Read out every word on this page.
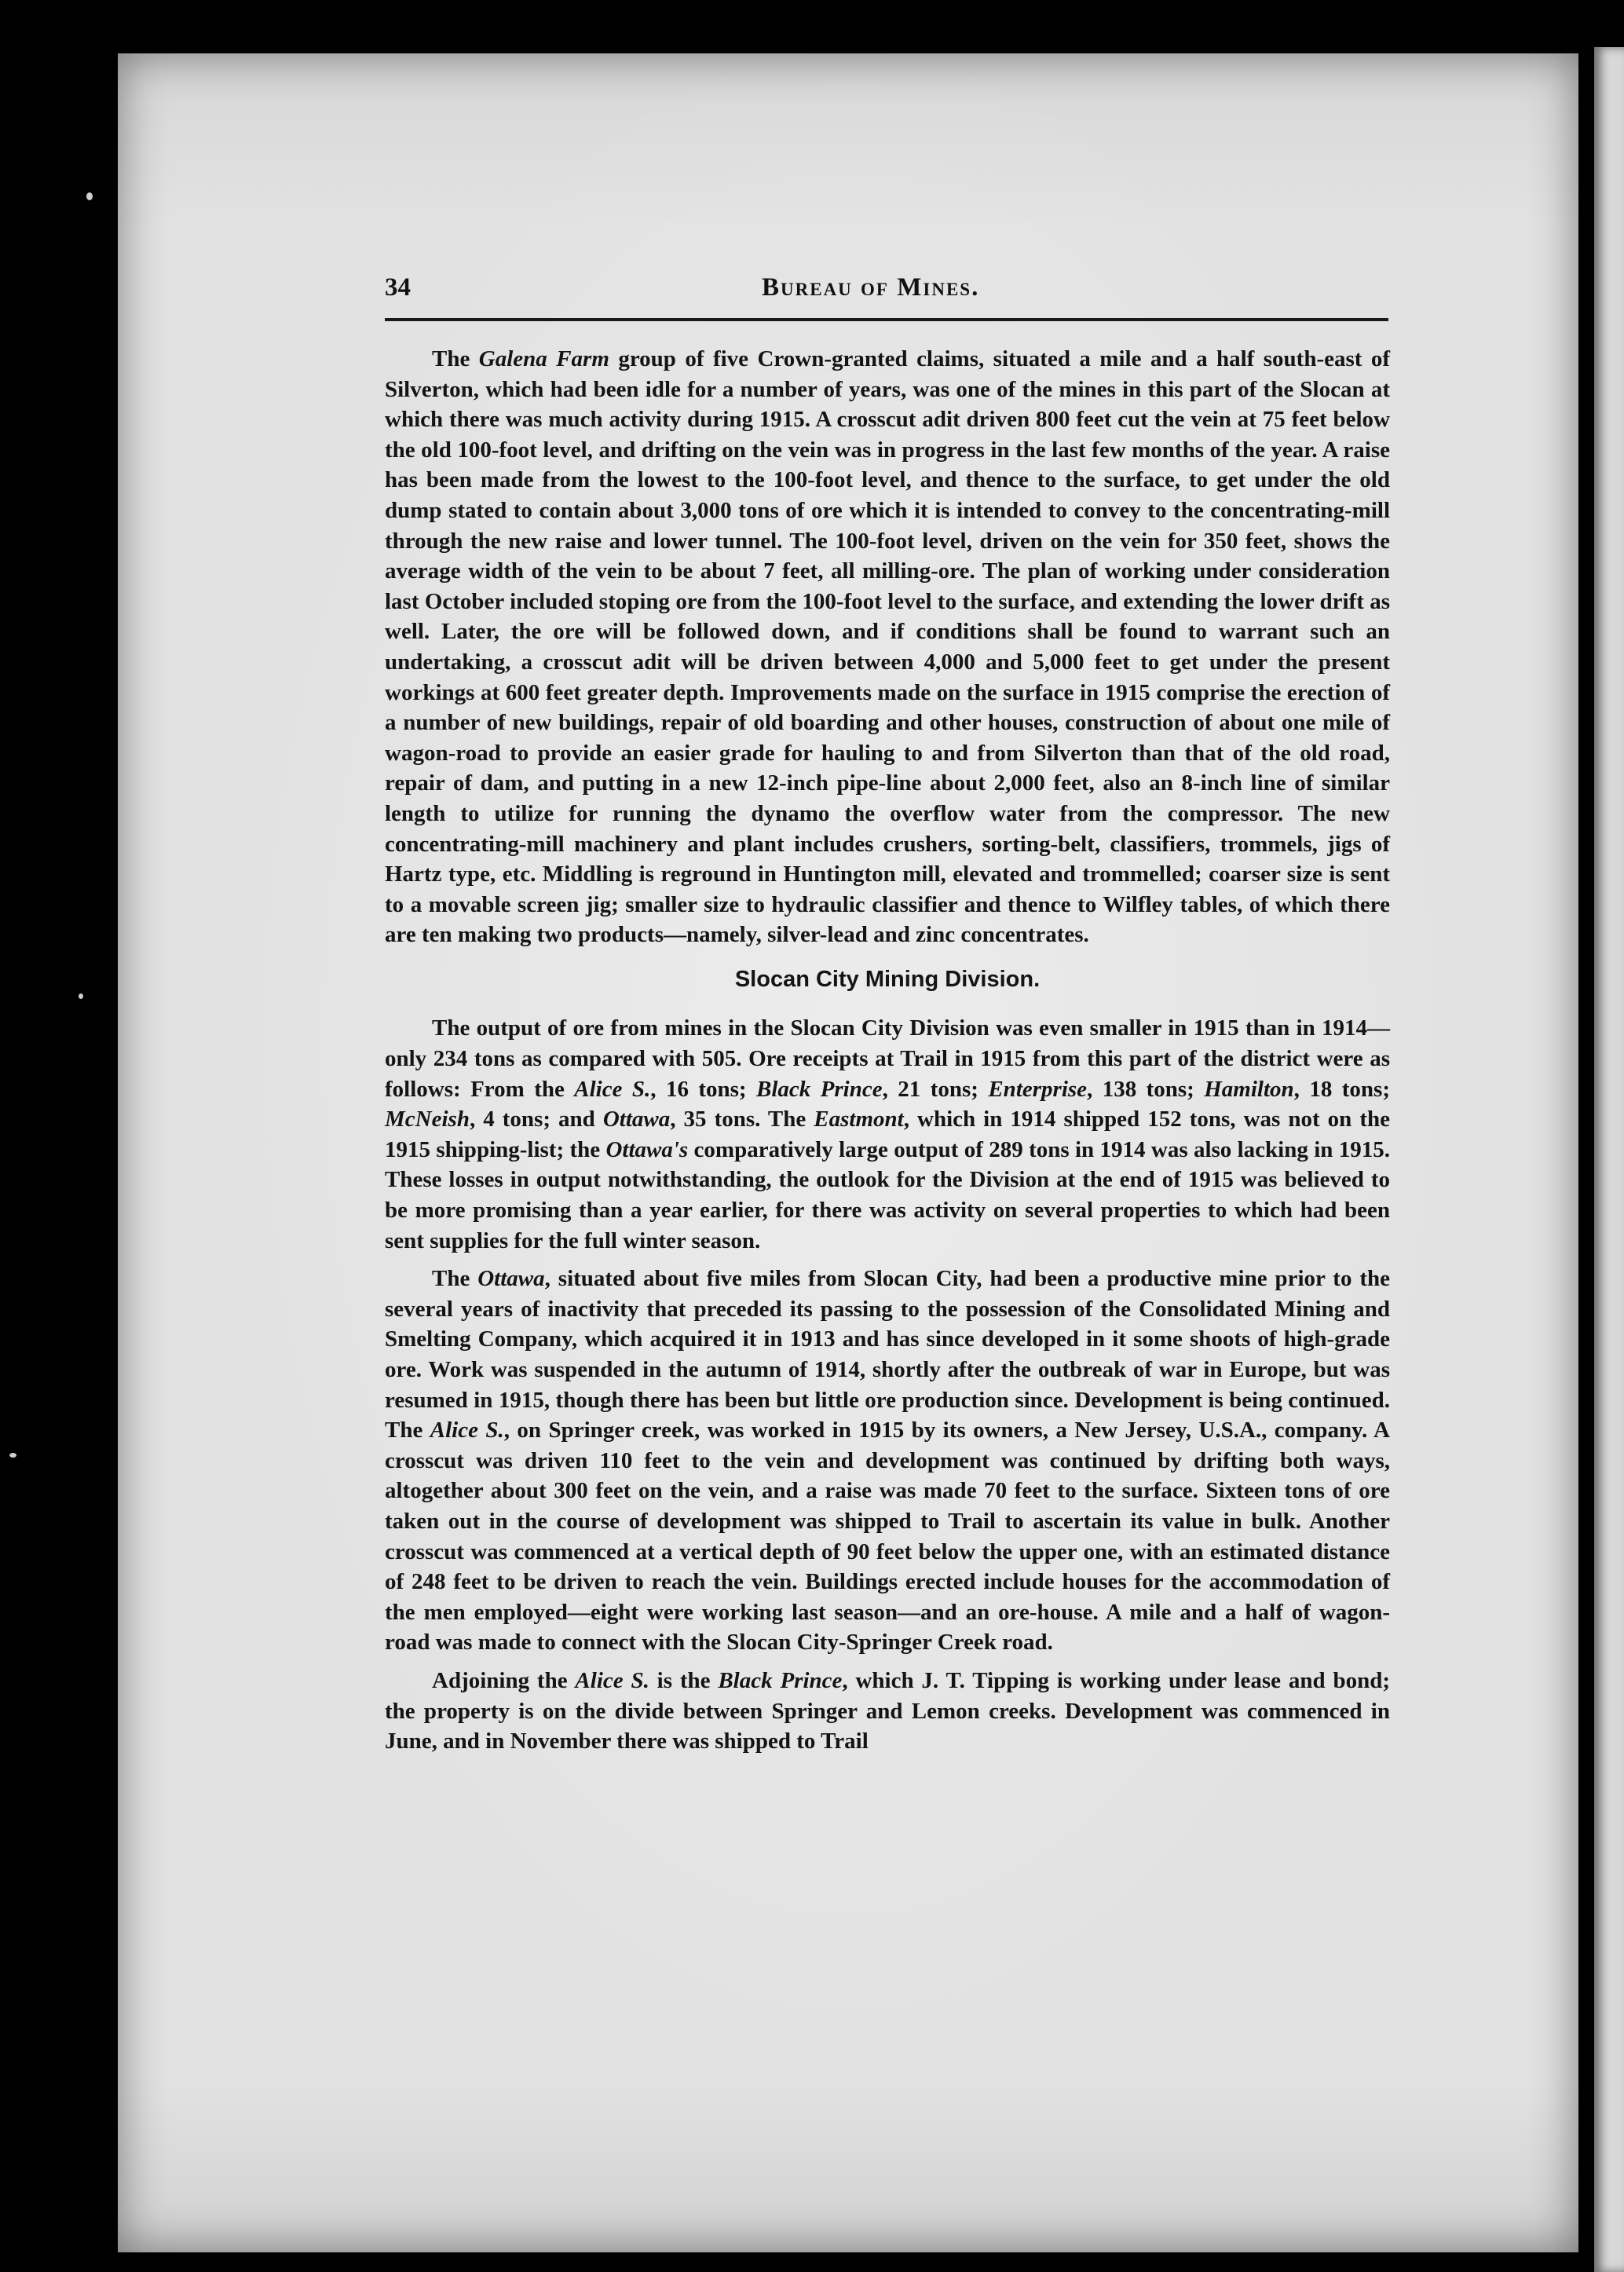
34	Bureau of Mines.

The Galena Farm group of five Crown-granted claims, situated a mile and a half south-east of Silverton, which had been idle for a number of years, was one of the mines in this part of the Slocan at which there was much activity during 1915. A crosscut adit driven 800 feet cut the vein at 75 feet below the old 100-foot level, and drifting on the vein was in progress in the last few months of the year. A raise has been made from the lowest to the 100-foot level, and thence to the surface, to get under the old dump stated to contain about 3,000 tons of ore which it is intended to convey to the concentrating-mill through the new raise and lower tunnel. The 100-foot level, driven on the vein for 350 feet, shows the average width of the vein to be about 7 feet, all milling-ore. The plan of working under consideration last October included stoping ore from the 100-foot level to the surface, and extending the lower drift as well. Later, the ore will be followed down, and if conditions shall be found to warrant such an undertaking, a crosscut adit will be driven between 4,000 and 5,000 feet to get under the present workings at 600 feet greater depth. Improvements made on the surface in 1915 comprise the erection of a number of new buildings, repair of old boarding and other houses, construction of about one mile of wagon-road to provide an easier grade for hauling to and from Silverton than that of the old road, repair of dam, and putting in a new 12-inch pipe-line about 2,000 feet, also an 8-inch line of similar length to utilize for running the dynamo the overflow water from the compressor. The new concentrating-mill machinery and plant includes crushers, sorting-belt, classifiers, trommels, jigs of Hartz type, etc. Middling is reground in Huntington mill, elevated and trommelled; coarser size is sent to a movable screen jig; smaller size to hydraulic classifier and thence to Wilfley tables, of which there are ten making two products—namely, silver-lead and zinc concentrates.

Slocan City Mining Division.

The output of ore from mines in the Slocan City Division was even smaller in 1915 than in 1914—only 234 tons as compared with 505. Ore receipts at Trail in 1915 from this part of the district were as follows: From the Alice S., 16 tons; Black Prince, 21 tons; Enterprise, 138 tons; Hamilton, 18 tons; McNeish, 4 tons; and Ottawa, 35 tons. The Eastmont, which in 1914 shipped 152 tons, was not on the 1915 shipping-list; the Ottawa's comparatively large output of 289 tons in 1914 was also lacking in 1915. These losses in output notwithstanding, the outlook for the Division at the end of 1915 was believed to be more promising than a year earlier, for there was activity on several properties to which had been sent supplies for the full winter season.

The Ottawa, situated about five miles from Slocan City, had been a productive mine prior to the several years of inactivity that preceded its passing to the possession of the Consolidated Mining and Smelting Company, which acquired it in 1913 and has since developed in it some shoots of high-grade ore. Work was suspended in the autumn of 1914, shortly after the outbreak of war in Europe, but was resumed in 1915, though there has been but little ore production since. Development is being continued. The Alice S., on Springer creek, was worked in 1915 by its owners, a New Jersey, U.S.A., company. A crosscut was driven 110 feet to the vein and development was continued by drifting both ways, altogether about 300 feet on the vein, and a raise was made 70 feet to the surface. Sixteen tons of ore taken out in the course of development was shipped to Trail to ascertain its value in bulk. Another crosscut was commenced at a vertical depth of 90 feet below the upper one, with an estimated distance of 248 feet to be driven to reach the vein. Buildings erected include houses for the accommodation of the men employed—eight were working last season—and an ore-house. A mile and a half of wagon-road was made to connect with the Slocan City-Springer Creek road.

Adjoining the Alice S. is the Black Prince, which J. T. Tipping is working under lease and bond; the property is on the divide between Springer and Lemon creeks. Development was commenced in June, and in November there was shipped to Trail
